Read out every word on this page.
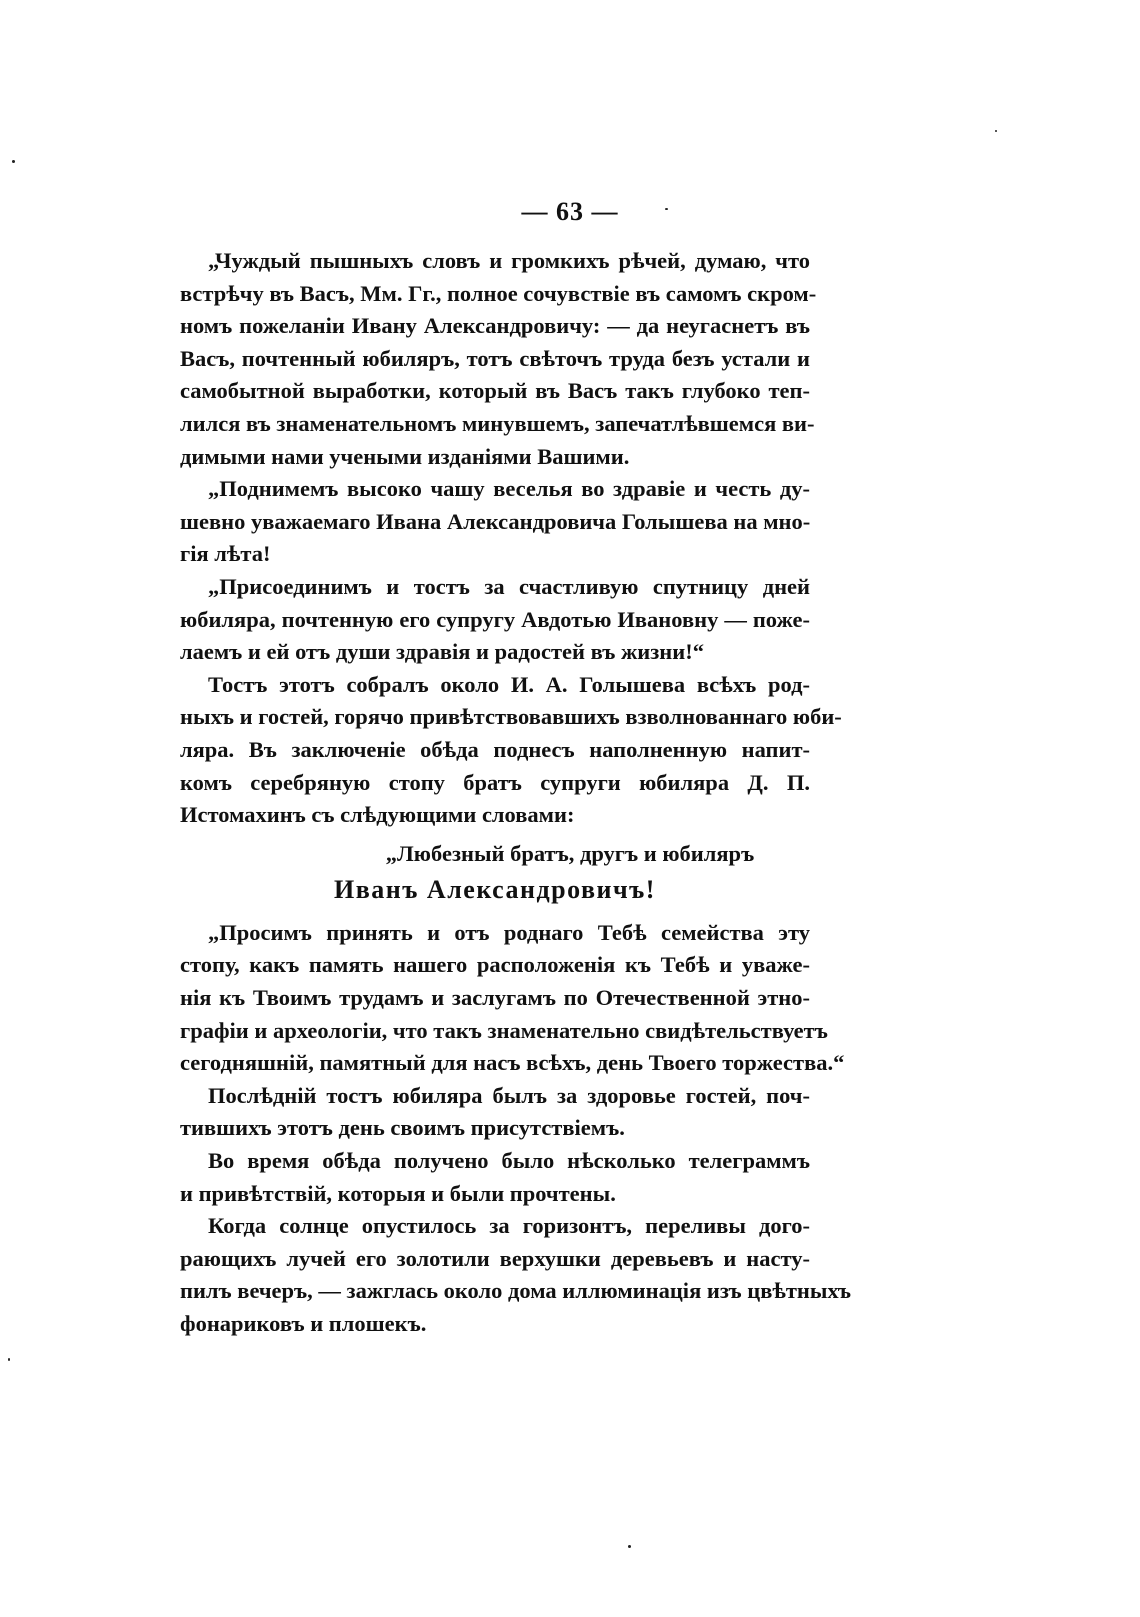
— 63 —

„Чуждый пышныхъ словъ и громкихъ рѣчей, думаю, что
встрѣчу въ Васъ, Мм. Гг., полное сочувствіе въ самомъ скром-
номъ пожеланіи Ивану Александровичу: — да неугаснетъ въ
Васъ, почтенный юбиляръ, тотъ свѣточъ труда безъ устали и
самобытной выработки, который въ Васъ такъ глубоко теп-
лился въ знаменательномъ минувшемъ, запечатлѣвшемся ви-
димыми нами учеными изданіями Вашими.

„Поднимемъ высоко чашу веселья во здравіе и честь ду-
шевно уважаемаго Ивана Александровича Голышева на мно-
гія лѣта!

„Присоединимъ и тостъ за счастливую спутницу дней
юбиляра, почтенную его супругу Авдотью Ивановну — поже-
лаемъ и ей отъ души здравія и радостей въ жизни!“

Тостъ этотъ собралъ около И. А. Голышева всѣхъ род-
ныхъ и гостей, горячо привѣтствовавшихъ взволнованнаго юби-
ляра. Въ заключеніе обѣда поднесъ наполненную напит-
комъ серебряную стопу братъ супруги юбиляра Д. П.
Истомахинъ съ слѣдующими словами:

„Любезный братъ, другъ и юбиляръ
Иванъ Александровичъ!

„Просимъ принять и отъ роднаго Тебѣ семейства эту
стопу, какъ память нашего расположенія къ Тебѣ и уваже-
нія къ Твоимъ трудамъ и заслугамъ по Отечественной этно-
графіи и археологіи, что такъ знаменательно свидѣтельствуетъ
сегодняшній, памятный для насъ всѣхъ, день Твоего торжества.“

Послѣдній тостъ юбиляра былъ за здоровье гостей, поч-
тившихъ этотъ день своимъ присутствіемъ.

Во время обѣда получено было нѣсколько телеграммъ
и привѣтствій, которыя и были прочтены.

Когда солнце опустилось за горизонтъ, переливы дого-
рающихъ лучей его золотили верхушки деревьевъ и насту-
пилъ вечеръ, — зажглась около дома иллюминація изъ цвѣтныхъ
фонариковъ и плошекъ.
